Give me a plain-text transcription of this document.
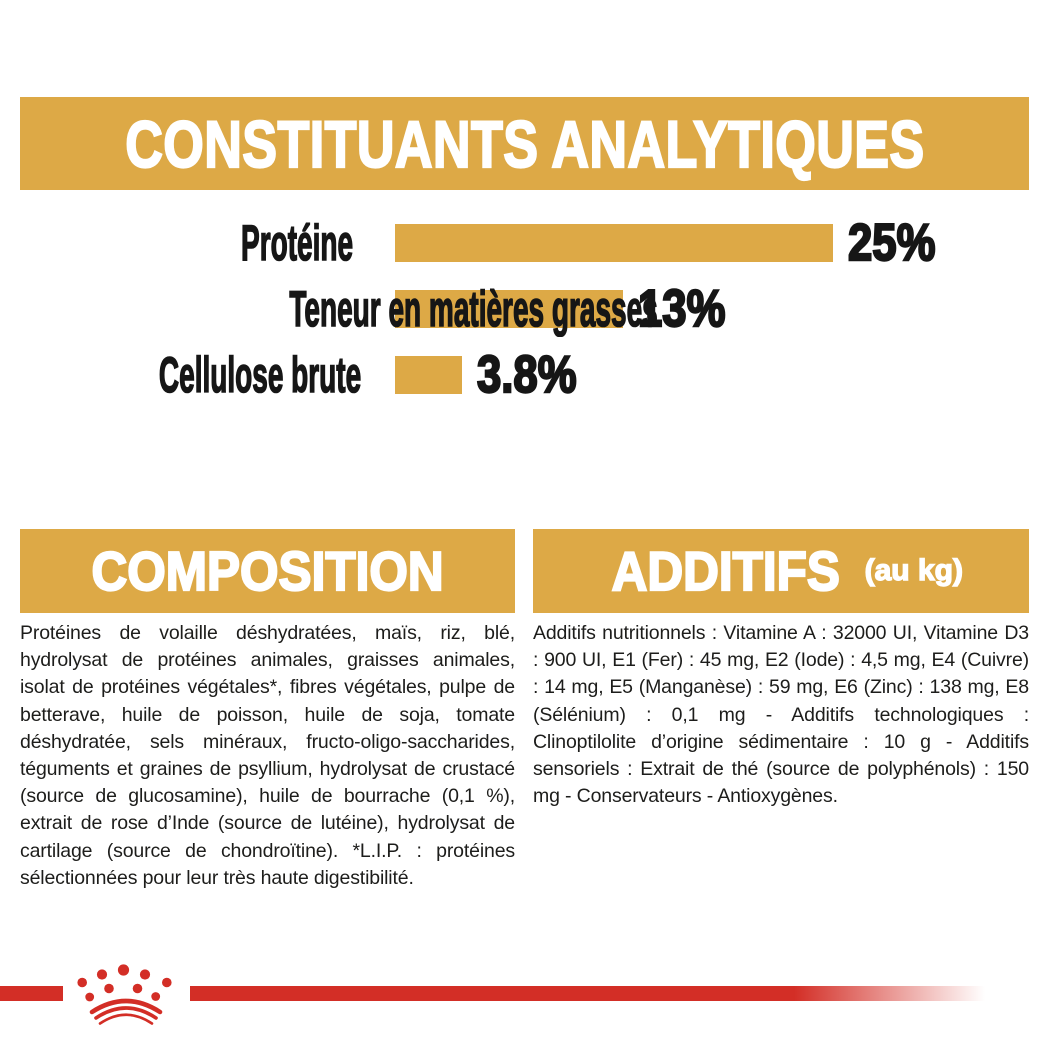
CONSTITUANTS ANALYTIQUES
Protéine	25%
Teneur en matières grasses
13%
Cellulose brute 3.8%
COMPOSITION

Protéines de volaille déshydratées, maïs, riz, blé, hydrolysat de protéines animales, graisses animales, isolat de protéines végétales*, fibres végétales, pulpe de betterave, huile de poisson, huile de soja, tomate déshydratée, sels minéraux, fructo-oligo-saccharides, téguments et graines de psyllium, hydrolysat de crustacé (source de glucosamine), huile de bourrache (0,1 %), extrait de rose d’Inde (source de lutéine), hydrolysat de cartilage (source de chondroïtine). *L.I.P. : protéines sélectionnées pour leur très haute digestibilité.

ADDITIFS (au kg)

Additifs nutritionnels : Vitamine A : 32000 UI, Vitamine D3 : 900 UI, E1 (Fer) : 45 mg, E2 (Iode) : 4,5 mg, E4 (Cuivre) : 14 mg, E5 (Manganèse) : 59 mg, E6 (Zinc) : 138 mg, E8 (Sélénium) : 0,1 mg - Additifs technologiques : Clinoptilolite d’origine sédimentaire : 10 g - Additifs sensoriels : Extrait de thé (source de polyphénols) : 150 mg - Conservateurs - Antioxygènes.
